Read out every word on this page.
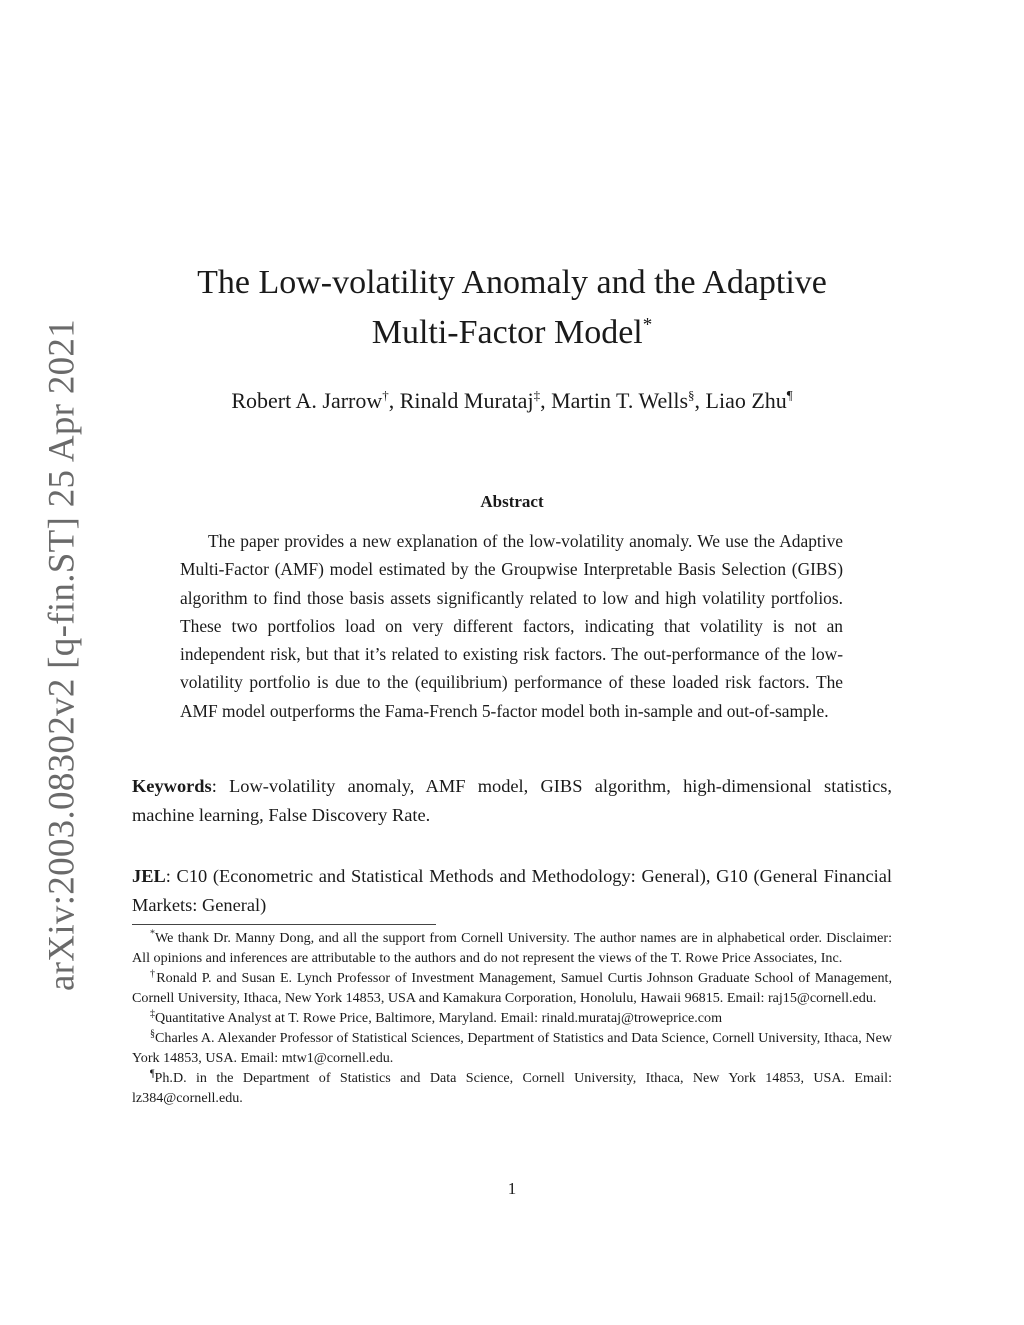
arXiv:2003.08302v2 [q-fin.ST] 25 Apr 2021
The Low-volatility Anomaly and the Adaptive
Multi-Factor Model*
Robert A. Jarrow†, Rinald Murataj‡, Martin T. Wells§, Liao Zhu¶
Abstract

The paper provides a new explanation of the low-volatility anomaly. We use the Adaptive Multi-Factor (AMF) model estimated by the Groupwise Interpretable Basis Selection (GIBS) algorithm to find those basis assets significantly related to low and high volatility portfolios. These two portfolios load on very different factors, indicating that volatility is not an independent risk, but that it’s related to existing risk factors. The out-performance of the low-volatility portfolio is due to the (equilibrium) performance of these loaded risk factors. The AMF model outperforms the Fama-French 5-factor model both in-sample and out-of-sample.

Keywords: Low-volatility anomaly, AMF model, GIBS algorithm, high-dimensional statistics, machine learning, False Discovery Rate.

JEL: C10 (Econometric and Statistical Methods and Methodology: General), G10 (General Financial Markets: General)

*We thank Dr. Manny Dong, and all the support from Cornell University. The author names are in alphabetical order. Disclaimer: All opinions and inferences are attributable to the authors and do not represent the views of the T. Rowe Price Associates, Inc.

†Ronald P. and Susan E. Lynch Professor of Investment Management, Samuel Curtis Johnson Graduate School of Management, Cornell University, Ithaca, New York 14853, USA and Kamakura Corporation, Honolulu, Hawaii 96815. Email: raj15@cornell.edu.

‡Quantitative Analyst at T. Rowe Price, Baltimore, Maryland. Email: rinald.murataj@troweprice.com

§Charles A. Alexander Professor of Statistical Sciences, Department of Statistics and Data Science, Cornell University, Ithaca, New York 14853, USA. Email: mtw1@cornell.edu.

¶Ph.D. in the Department of Statistics and Data Science, Cornell University, Ithaca, New York 14853, USA. Email: lz384@cornell.edu.

1
